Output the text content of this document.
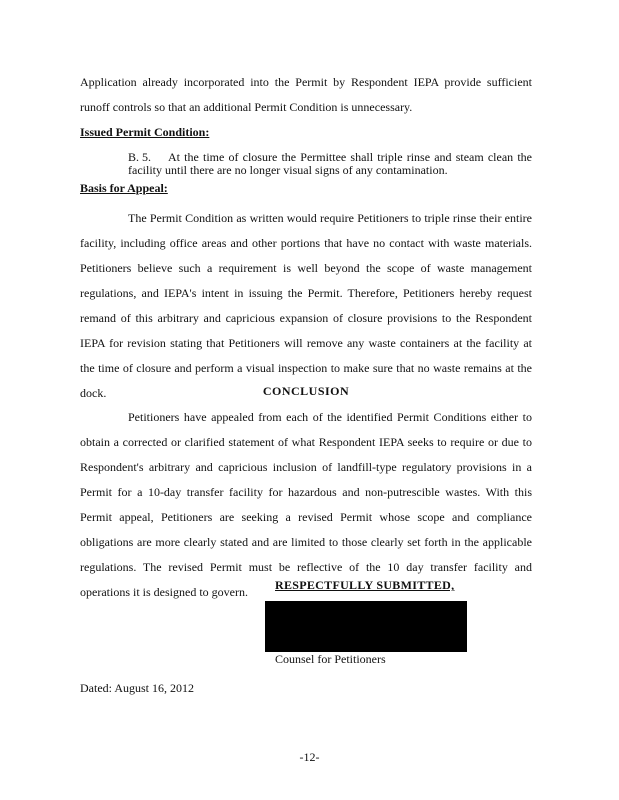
Application already incorporated into the Permit by Respondent IEPA provide sufficient runoff controls so that an additional Permit Condition is unnecessary.

Issued Permit Condition:

B. 5. At the time of closure the Permittee shall triple rinse and steam clean the facility until there are no longer visual signs of any contamination.

Basis for Appeal:

The Permit Condition as written would require Petitioners to triple rinse their entire facility, including office areas and other portions that have no contact with waste materials. Petitioners believe such a requirement is well beyond the scope of waste management regulations, and IEPA's intent in issuing the Permit. Therefore, Petitioners hereby request remand of this arbitrary and capricious expansion of closure provisions to the Respondent IEPA for revision stating that Petitioners will remove any waste containers at the facility at the time of closure and perform a visual inspection to make sure that no waste remains at the dock.	CONCLUSION

Petitioners have appealed from each of the identified Permit Conditions either to obtain a corrected or clarified statement of what Respondent IEPA seeks to require or due to Respondent's arbitrary and capricious inclusion of landfill-type regulatory provisions in a Permit for a 10-day transfer facility for hazardous and non-putrescible wastes. With this Permit appeal, Petitioners are seeking a revised Permit whose scope and compliance obligations are more clearly stated and are limited to those clearly set forth in the applicable regulations. The revised Permit must be reflective of the 10 day transfer facility and operations it is designed to govern.	RESPECTFULLY SUBMITTED,
Counsel for Petitioners
Dated: August 16, 2012
-12-
